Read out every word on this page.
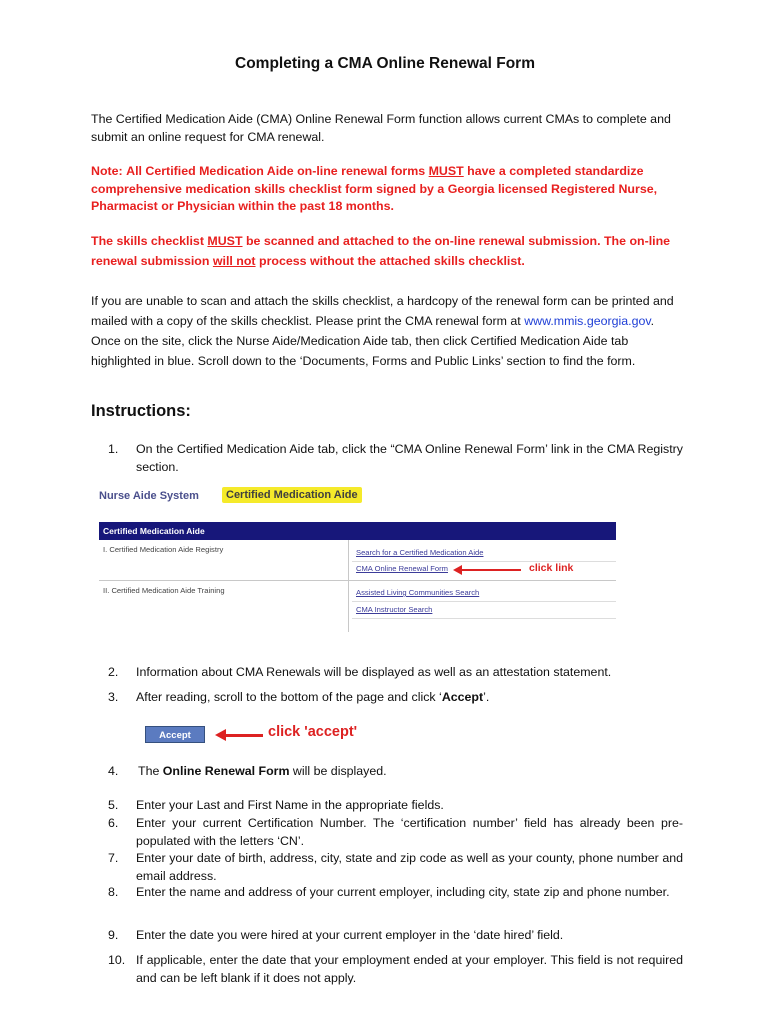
Completing a CMA Online Renewal Form

The Certified Medication Aide (CMA) Online Renewal Form function allows current CMAs to complete and submit an online request for CMA renewal.

Note: All Certified Medication Aide on-line renewal forms MUST have a completed standardize comprehensive medication skills checklist form signed by a Georgia licensed Registered Nurse, Pharmacist or Physician within the past 18 months.

The skills checklist MUST be scanned and attached to the on-line renewal submission. The on-line renewal submission will not process without the attached skills checklist.

If you are unable to scan and attach the skills checklist, a hardcopy of the renewal form can be printed and mailed with a copy of the skills checklist. Please print the CMA renewal form at www.mmis.georgia.gov. Once on the site, click the Nurse Aide/Medication Aide tab, then click Certified Medication Aide tab highlighted in blue. Scroll down to the ‘Documents, Forms and Public Links’ section to find the form.

Instructions:
1.	On the Certified Medication Aide tab, click the “CMA Online Renewal Form’ link in the CMA Registry section.
Nurse Aide System	Certified Medication Aide
Certified Medication Aide
I. Certified Medication Aide Registry	Search for a Certified Medication Aide
CMA Online Renewal Form	click link
II. Certified Medication Aide Training	Assisted Living Communities Search
CMA Instructor Search
2.	Information about CMA Renewals will be displayed as well as an attestation statement.
3.	After reading, scroll to the bottom of the page and click ‘Accept’.
Accept	click 'accept'
4.	The Online Renewal Form will be displayed.
5.	Enter your Last and First Name in the appropriate fields.
6.	Enter your current Certification Number. The ‘certification number’ field has already been pre-populated with the letters ‘CN’.
7.	Enter your date of birth, address, city, state and zip code as well as your county, phone number and email address.
8.	Enter the name and address of your current employer, including city, state zip and phone number.
9.	Enter the date you were hired at your current employer in the ‘date hired’ field.
10. If applicable, enter the date that your employment ended at your employer. This field is not required and can be left blank if it does not apply.
